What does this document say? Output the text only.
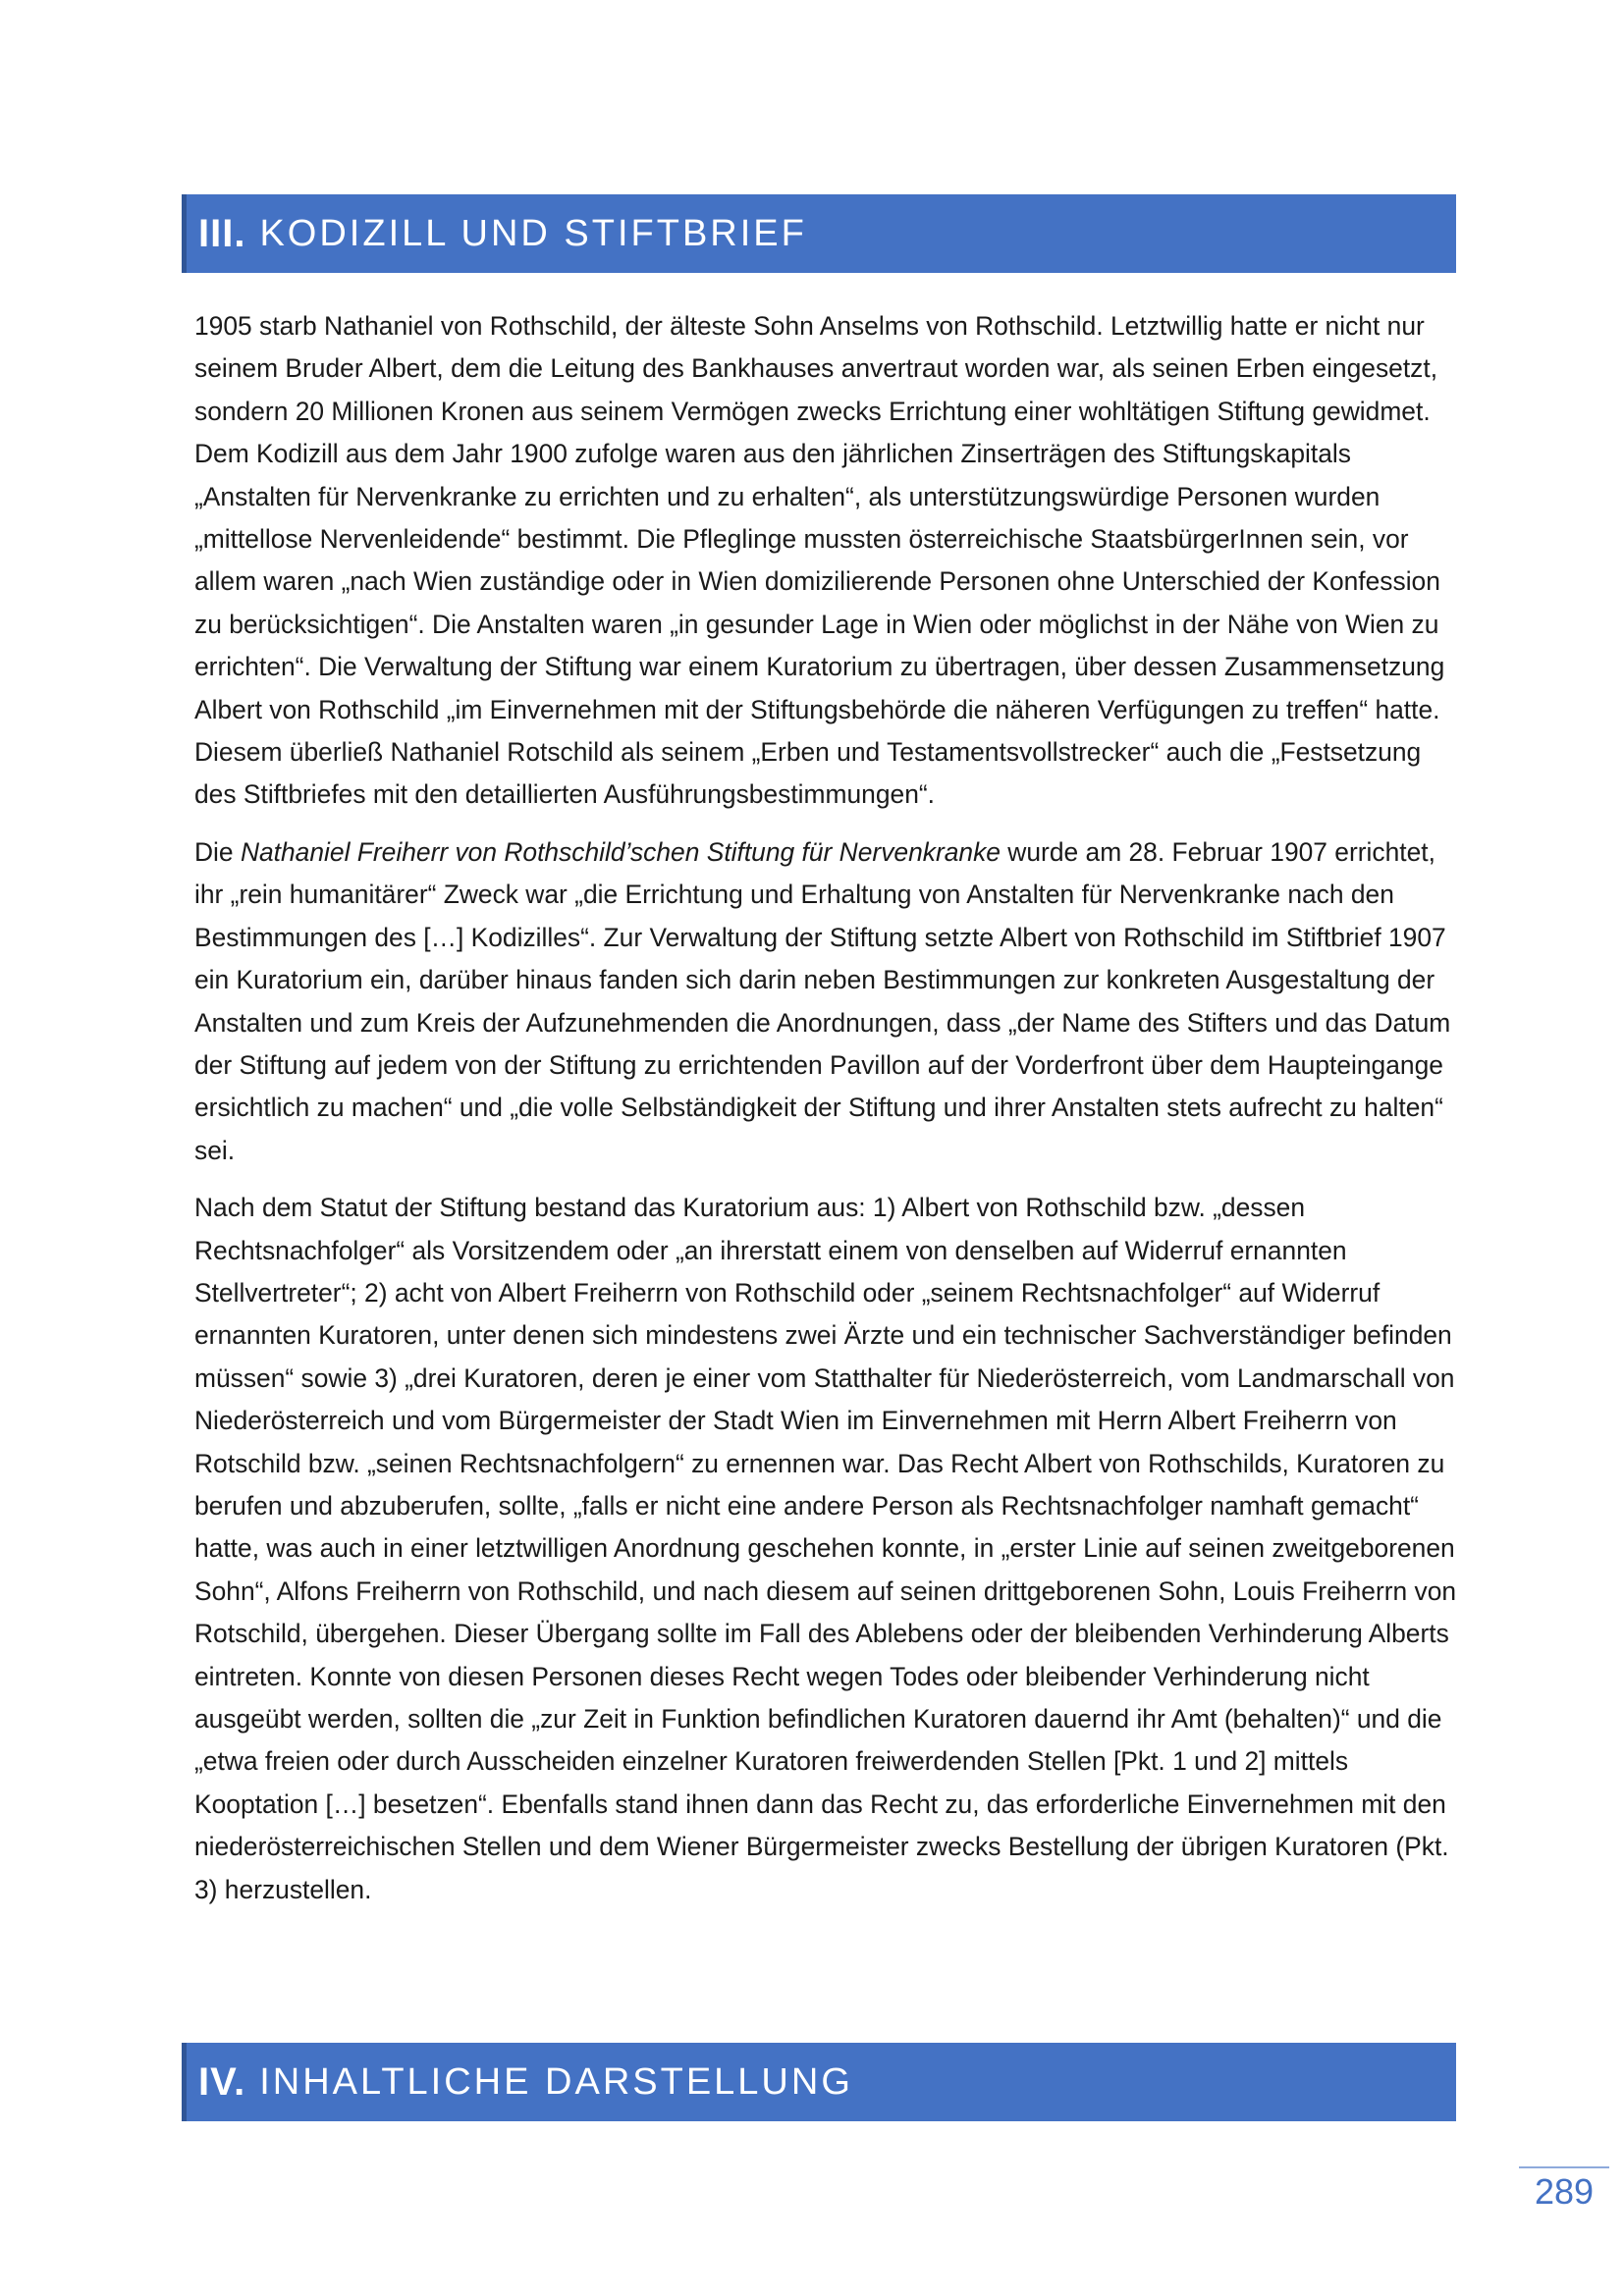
III. KODIZILL UND STIFTBRIEF

1905 starb Nathaniel von Rothschild, der älteste Sohn Anselms von Rothschild. Letztwillig hatte er nicht nur seinem Bruder Albert, dem die Leitung des Bankhauses anvertraut worden war, als seinen Erben eingesetzt, sondern 20 Millionen Kronen aus seinem Vermögen zwecks Errichtung einer wohltätigen Stiftung gewidmet. Dem Kodizill aus dem Jahr 1900 zufolge waren aus den jährlichen Zinserträgen des Stiftungskapitals „Anstalten für Nervenkranke zu errichten und zu erhalten“, als unterstützungswürdige Personen wurden „mittellose Nervenleidende“ bestimmt. Die Pfleglinge mussten österreichische StaatsbürgerInnen sein, vor allem waren „nach Wien zuständige oder in Wien domizilierende Personen ohne Unterschied der Konfession zu berücksichtigen“. Die Anstalten waren „in gesunder Lage in Wien oder möglichst in der Nähe von Wien zu errichten“. Die Verwaltung der Stiftung war einem Kuratorium zu übertragen, über dessen Zusammensetzung Albert von Rothschild „im Einvernehmen mit der Stiftungsbehörde die näheren Verfügungen zu treffen“ hatte. Diesem überließ Nathaniel Rotschild als seinem „Erben und Testamentsvollstrecker“ auch die „Festsetzung des Stiftbriefes mit den detaillierten Ausführungsbestimmungen“.

Die Nathaniel Freiherr von Rothschild’schen Stiftung für Nervenkranke wurde am 28. Februar 1907 errichtet, ihr „rein humanitärer“ Zweck war „die Errichtung und Erhaltung von Anstalten für Nervenkranke nach den Bestimmungen des […] Kodizilles“. Zur Verwaltung der Stiftung setzte Albert von Rothschild im Stiftbrief 1907 ein Kuratorium ein, darüber hinaus fanden sich darin neben Bestimmungen zur konkreten Ausgestaltung der Anstalten und zum Kreis der Aufzunehmenden die Anordnungen, dass „der Name des Stifters und das Datum der Stiftung auf jedem von der Stiftung zu errichtenden Pavillon auf der Vorderfront über dem Haupteingange ersichtlich zu machen“ und „die volle Selbständigkeit der Stiftung und ihrer Anstalten stets aufrecht zu halten“ sei.

Nach dem Statut der Stiftung bestand das Kuratorium aus: 1) Albert von Rothschild bzw. „dessen Rechtsnachfolger“ als Vorsitzendem oder „an ihrerstatt einem von denselben auf Widerruf ernannten Stellvertreter“; 2) acht von Albert Freiherrn von Rothschild oder „seinem Rechtsnachfolger“ auf Widerruf ernannten Kuratoren, unter denen sich mindestens zwei Ärzte und ein technischer Sachverständiger befinden müssen“ sowie 3) „drei Kuratoren, deren je einer vom Statthalter für Niederösterreich, vom Landmarschall von Niederösterreich und vom Bürgermeister der Stadt Wien im Einvernehmen mit Herrn Albert Freiherrn von Rotschild bzw. „seinen Rechtsnachfolgern“ zu ernennen war. Das Recht Albert von Rothschilds, Kuratoren zu berufen und abzuberufen, sollte, „falls er nicht eine andere Person als Rechtsnachfolger namhaft gemacht“ hatte, was auch in einer letztwilligen Anordnung geschehen konnte, in „erster Linie auf seinen zweitgeborenen Sohn“, Alfons Freiherrn von Rothschild, und nach diesem auf seinen drittgeborenen Sohn, Louis Freiherrn von Rotschild, übergehen. Dieser Übergang sollte im Fall des Ablebens oder der bleibenden Verhinderung Alberts eintreten. Konnte von diesen Personen dieses Recht wegen Todes oder bleibender Verhinderung nicht ausgeübt werden, sollten die „zur Zeit in Funktion befindlichen Kuratoren dauernd ihr Amt (behalten)“ und die „etwa freien oder durch Ausscheiden einzelner Kuratoren freiwerdenden Stellen [Pkt. 1 und 2] mittels Kooptation […] besetzen“. Ebenfalls stand ihnen dann das Recht zu, das erforderliche Einvernehmen mit den niederösterreichischen Stellen und dem Wiener Bürgermeister zwecks Bestellung der übrigen Kuratoren (Pkt. 3) herzustellen.

IV. INHALTLICHE DARSTELLUNG
289
